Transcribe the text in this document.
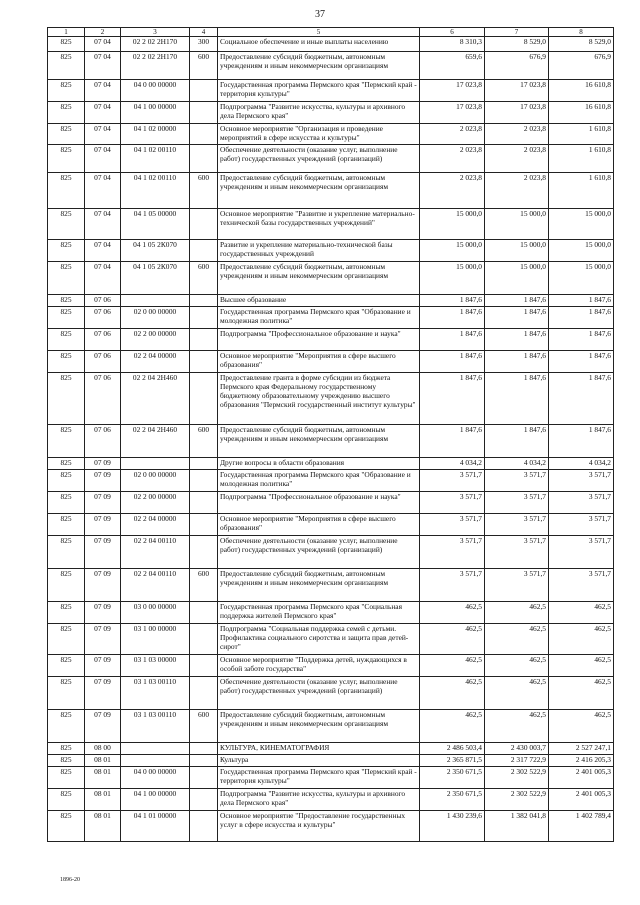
37
1	2	3	4	5	6	7	8
825	07 04	02 2 02 2Н170	300	Социальное обеспечение и иные выплаты населению	8 310,3	8 529,0	8 529,0
825	07 04	02 2 02 2Н170	600	Предоставление субсидий бюджетным, автономным учреждениям и иным некоммерческим организациям	659,6	676,9	676,9
825	07 04	04 0 00 00000		Государственная программа Пермского края "Пермский край - территория культуры"	17 023,8	17 023,8	16 610,8
825	07 04	04 1 00 00000		Подпрограмма "Развитие искусства, культуры и архивного дела Пермского края"	17 023,8	17 023,8	16 610,8
825	07 04	04 1 02 00000		Основное мероприятие "Организация и проведение мероприятий в сфере искусства и культуры"	2 023,8	2 023,8	1 610,8
825	07 04	04 1 02 00110		Обеспечение деятельности (оказание услуг, выполнение работ) государственных учреждений (организаций)	2 023,8	2 023,8	1 610,8
825	07 04	04 1 02 00110	600	Предоставление субсидий бюджетным, автономным учреждениям и иным некоммерческим организациям	2 023,8	2 023,8	1 610,8
825	07 04	04 1 05 00000		Основное мероприятие "Развитие и укрепление материально-технической базы государственных учреждений"	15 000,0	15 000,0	15 000,0
825	07 04	04 1 05 2К070		Развитие и укрепление материально-технической базы государственных учреждений	15 000,0	15 000,0	15 000,0
825	07 04	04 1 05 2К070	600	Предоставление субсидий бюджетным, автономным учреждениям и иным некоммерческим организациям	15 000,0	15 000,0	15 000,0
825	07 06			Высшее образование	1 847,6	1 847,6	1 847,6
825	07 06	02 0 00 00000		Государственная программа Пермского края "Образование и молодежная политика"	1 847,6	1 847,6	1 847,6
825	07 06	02 2 00 00000		Подпрограмма "Профессиональное образование и наука"	1 847,6	1 847,6	1 847,6
825	07 06	02 2 04 00000		Основное мероприятие "Мероприятия в сфере высшего образования"	1 847,6	1 847,6	1 847,6
825	07 06	02 2 04 2Н460		Предоставление гранта в форме субсидии из бюджета Пермского края Федеральному государственному бюджетному образовательному учреждению высшего образования "Пермский государственный институт культуры"	1 847,6	1 847,6	1 847,6
825	07 06	02 2 04 2Н460	600	Предоставление субсидий бюджетным, автономным учреждениям и иным некоммерческим организациям	1 847,6	1 847,6	1 847,6
825	07 09			Другие вопросы в области образования	4 034,2	4 034,2	4 034,2
825	07 09	02 0 00 00000		Государственная программа Пермского края "Образование и молодежная политика"	3 571,7	3 571,7	3 571,7
825	07 09	02 2 00 00000		Подпрограмма "Профессиональное образование и наука"	3 571,7	3 571,7	3 571,7
825	07 09	02 2 04 00000		Основное мероприятие "Мероприятия в сфере высшего образования"	3 571,7	3 571,7	3 571,7
825	07 09	02 2 04 00110		Обеспечение деятельности (оказание услуг, выполнение работ) государственных учреждений (организаций)	3 571,7	3 571,7	3 571,7
825	07 09	02 2 04 00110	600	Предоставление субсидий бюджетным, автономным учреждениям и иным некоммерческим организациям	3 571,7	3 571,7	3 571,7
825	07 09	03 0 00 00000		Государственная программа Пермского края "Социальная поддержка жителей Пермского края"	462,5	462,5	462,5
825	07 09	03 1 00 00000		Подпрограмма "Социальная поддержка семей с детьми. Профилактика социального сиротства и защита прав детей-сирот"	462,5	462,5	462,5
825	07 09	03 1 03 00000		Основное мероприятие "Поддержка детей, нуждающихся в особой заботе государства"	462,5	462,5	462,5
825	07 09	03 1 03 00110		Обеспечение деятельности (оказание услуг, выполнение работ) государственных учреждений (организаций)	462,5	462,5	462,5
825	07 09	03 1 03 00110	600	Предоставление субсидий бюджетным, автономным учреждениям и иным некоммерческим организациям	462,5	462,5	462,5
825	08 00			КУЛЬТУРА, КИНЕМАТОГРАФИЯ	2 486 503,4	2 430 003,7	2 527 247,1
825	08 01			Культура	2 365 871,5	2 317 722,9	2 416 205,3
825	08 01	04 0 00 00000		Государственная программа Пермского края "Пермский край - территория культуры"	2 350 671,5	2 302 522,9	2 401 005,3
825	08 01	04 1 00 00000		Подпрограмма "Развитие искусства, культуры и архивного дела Пермского края"	2 350 671,5	2 302 522,9	2 401 005,3
825	08 01	04 1 01 00000		Основное мероприятие "Предоставление государственных услуг в сфере искусства и культуры"	1 430 239,6	1 382 041,8	1 402 789,4
1896-20
